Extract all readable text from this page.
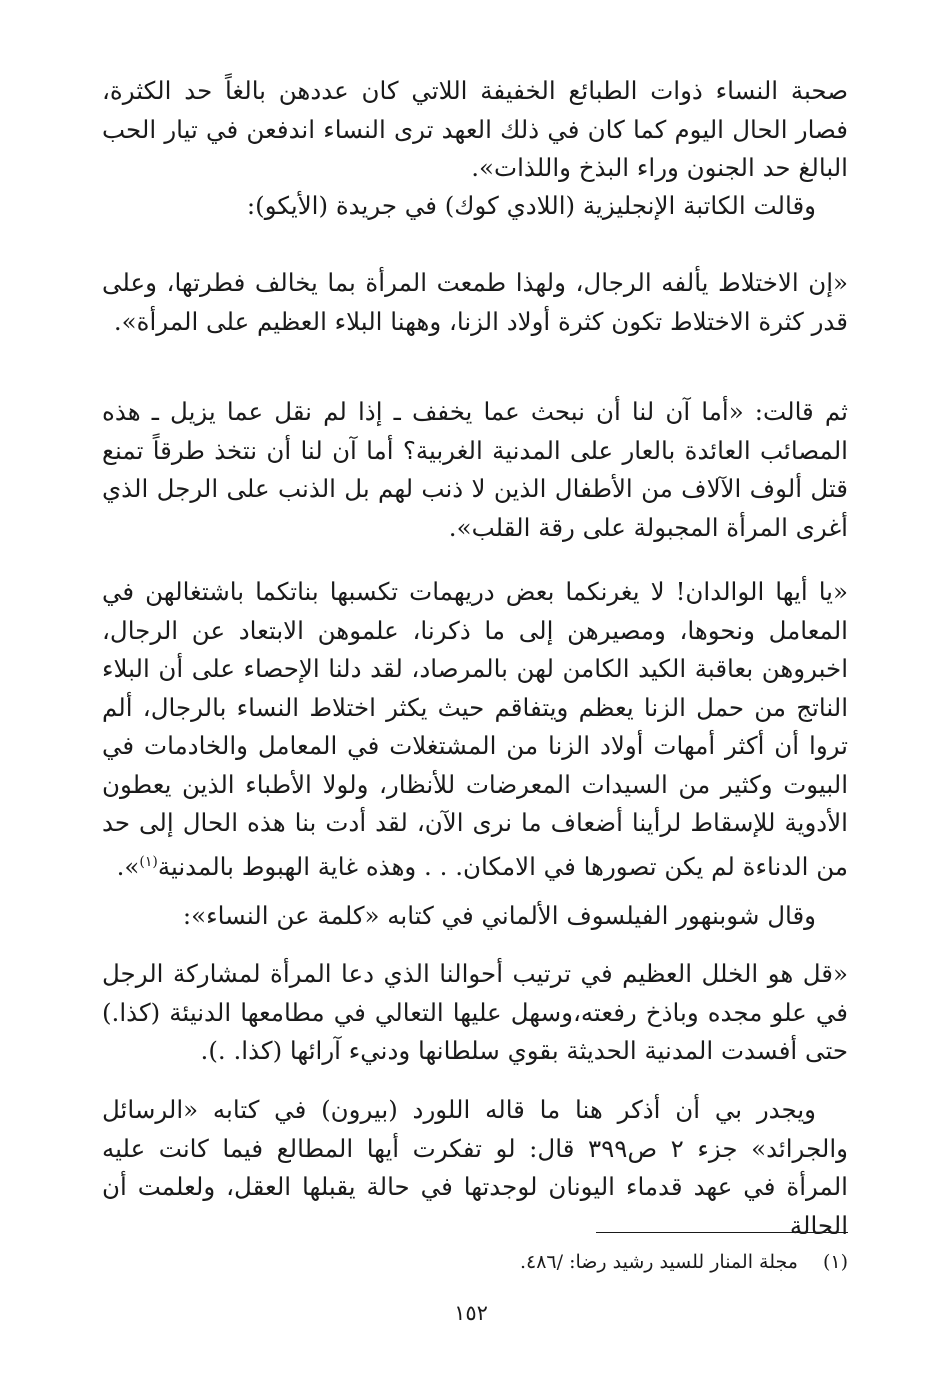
صحبة النساء ذوات الطبائع الخفيفة اللاتي كان عددهن بالغاً حد الكثرة، فصار الحال اليوم كما كان في ذلك العهد ترى النساء اندفعن في تيار الحب البالغ حد الجنون وراء البذخ واللذات».

وقالت الكاتبة الإنجليزية (اللادي كوك) في جريدة (الأيكو):

«إن الاختلاط يألفه الرجال، ولهذا طمعت المرأة بما يخالف فطرتها، وعلى قدر كثرة الاختلاط تكون كثرة أولاد الزنا، وههنا البلاء العظيم على المرأة».

ثم قالت: «أما آن لنا أن نبحث عما يخفف ـ إذا لم نقل عما يزيل ـ هذه المصائب العائدة بالعار على المدنية الغربية؟ أما آن لنا أن نتخذ طرقاً تمنع قتل ألوف الآلاف من الأطفال الذين لا ذنب لهم بل الذنب على الرجل الذي أغرى المرأة المجبولة على رقة القلب».

«يا أيها الوالدان! لا يغرنكما بعض دريهمات تكسبها بناتكما باشتغالهن في المعامل ونحوها، ومصيرهن إلى ما ذكرنا، علموهن الابتعاد عن الرجال، اخبروهن بعاقبة الكيد الكامن لهن بالمرصاد، لقد دلنا الإحصاء على أن البلاء الناتج من حمل الزنا يعظم ويتفاقم حيث يكثر اختلاط النساء بالرجال، ألم تروا أن أكثر أمهات أولاد الزنا من المشتغلات في المعامل والخادمات في البيوت وكثير من السيدات المعرضات للأنظار، ولولا الأطباء الذين يعطون الأدوية للإسقاط لرأينا أضعاف ما نرى الآن، لقد أدت بنا هذه الحال إلى حد من الدناءة لم يكن تصورها في الامكان. . . وهذه غاية الهبوط بالمدنية$^{(١)}$».

وقال شوبنهور الفيلسوف الألماني في كتابه «كلمة عن النساء»:

«قل هو الخلل العظيم في ترتيب أحوالنا الذي دعا المرأة لمشاركة الرجل في علو مجده وباذخ رفعته،وسهل عليها التعالي في مطامعها الدنيئة (كذا.) حتى أفسدت المدنية الحديثة بقوي سلطانها ودنيء آرائها (كذا. .).

ويجدر بي أن أذكر هنا ما قاله اللورد (بيرون) في كتابه «الرسائل والجرائد» جزء ٢ ص٣٩٩ قال: لو تفكرت أيها المطالع فيما كانت عليه المرأة في عهد قدماء اليونان لوجدتها في حالة يقبلها العقل، ولعلمت أن الحالة

(١) مجلة المنار للسيد رشيد رضا: /٤٨٦.
١٥٢
